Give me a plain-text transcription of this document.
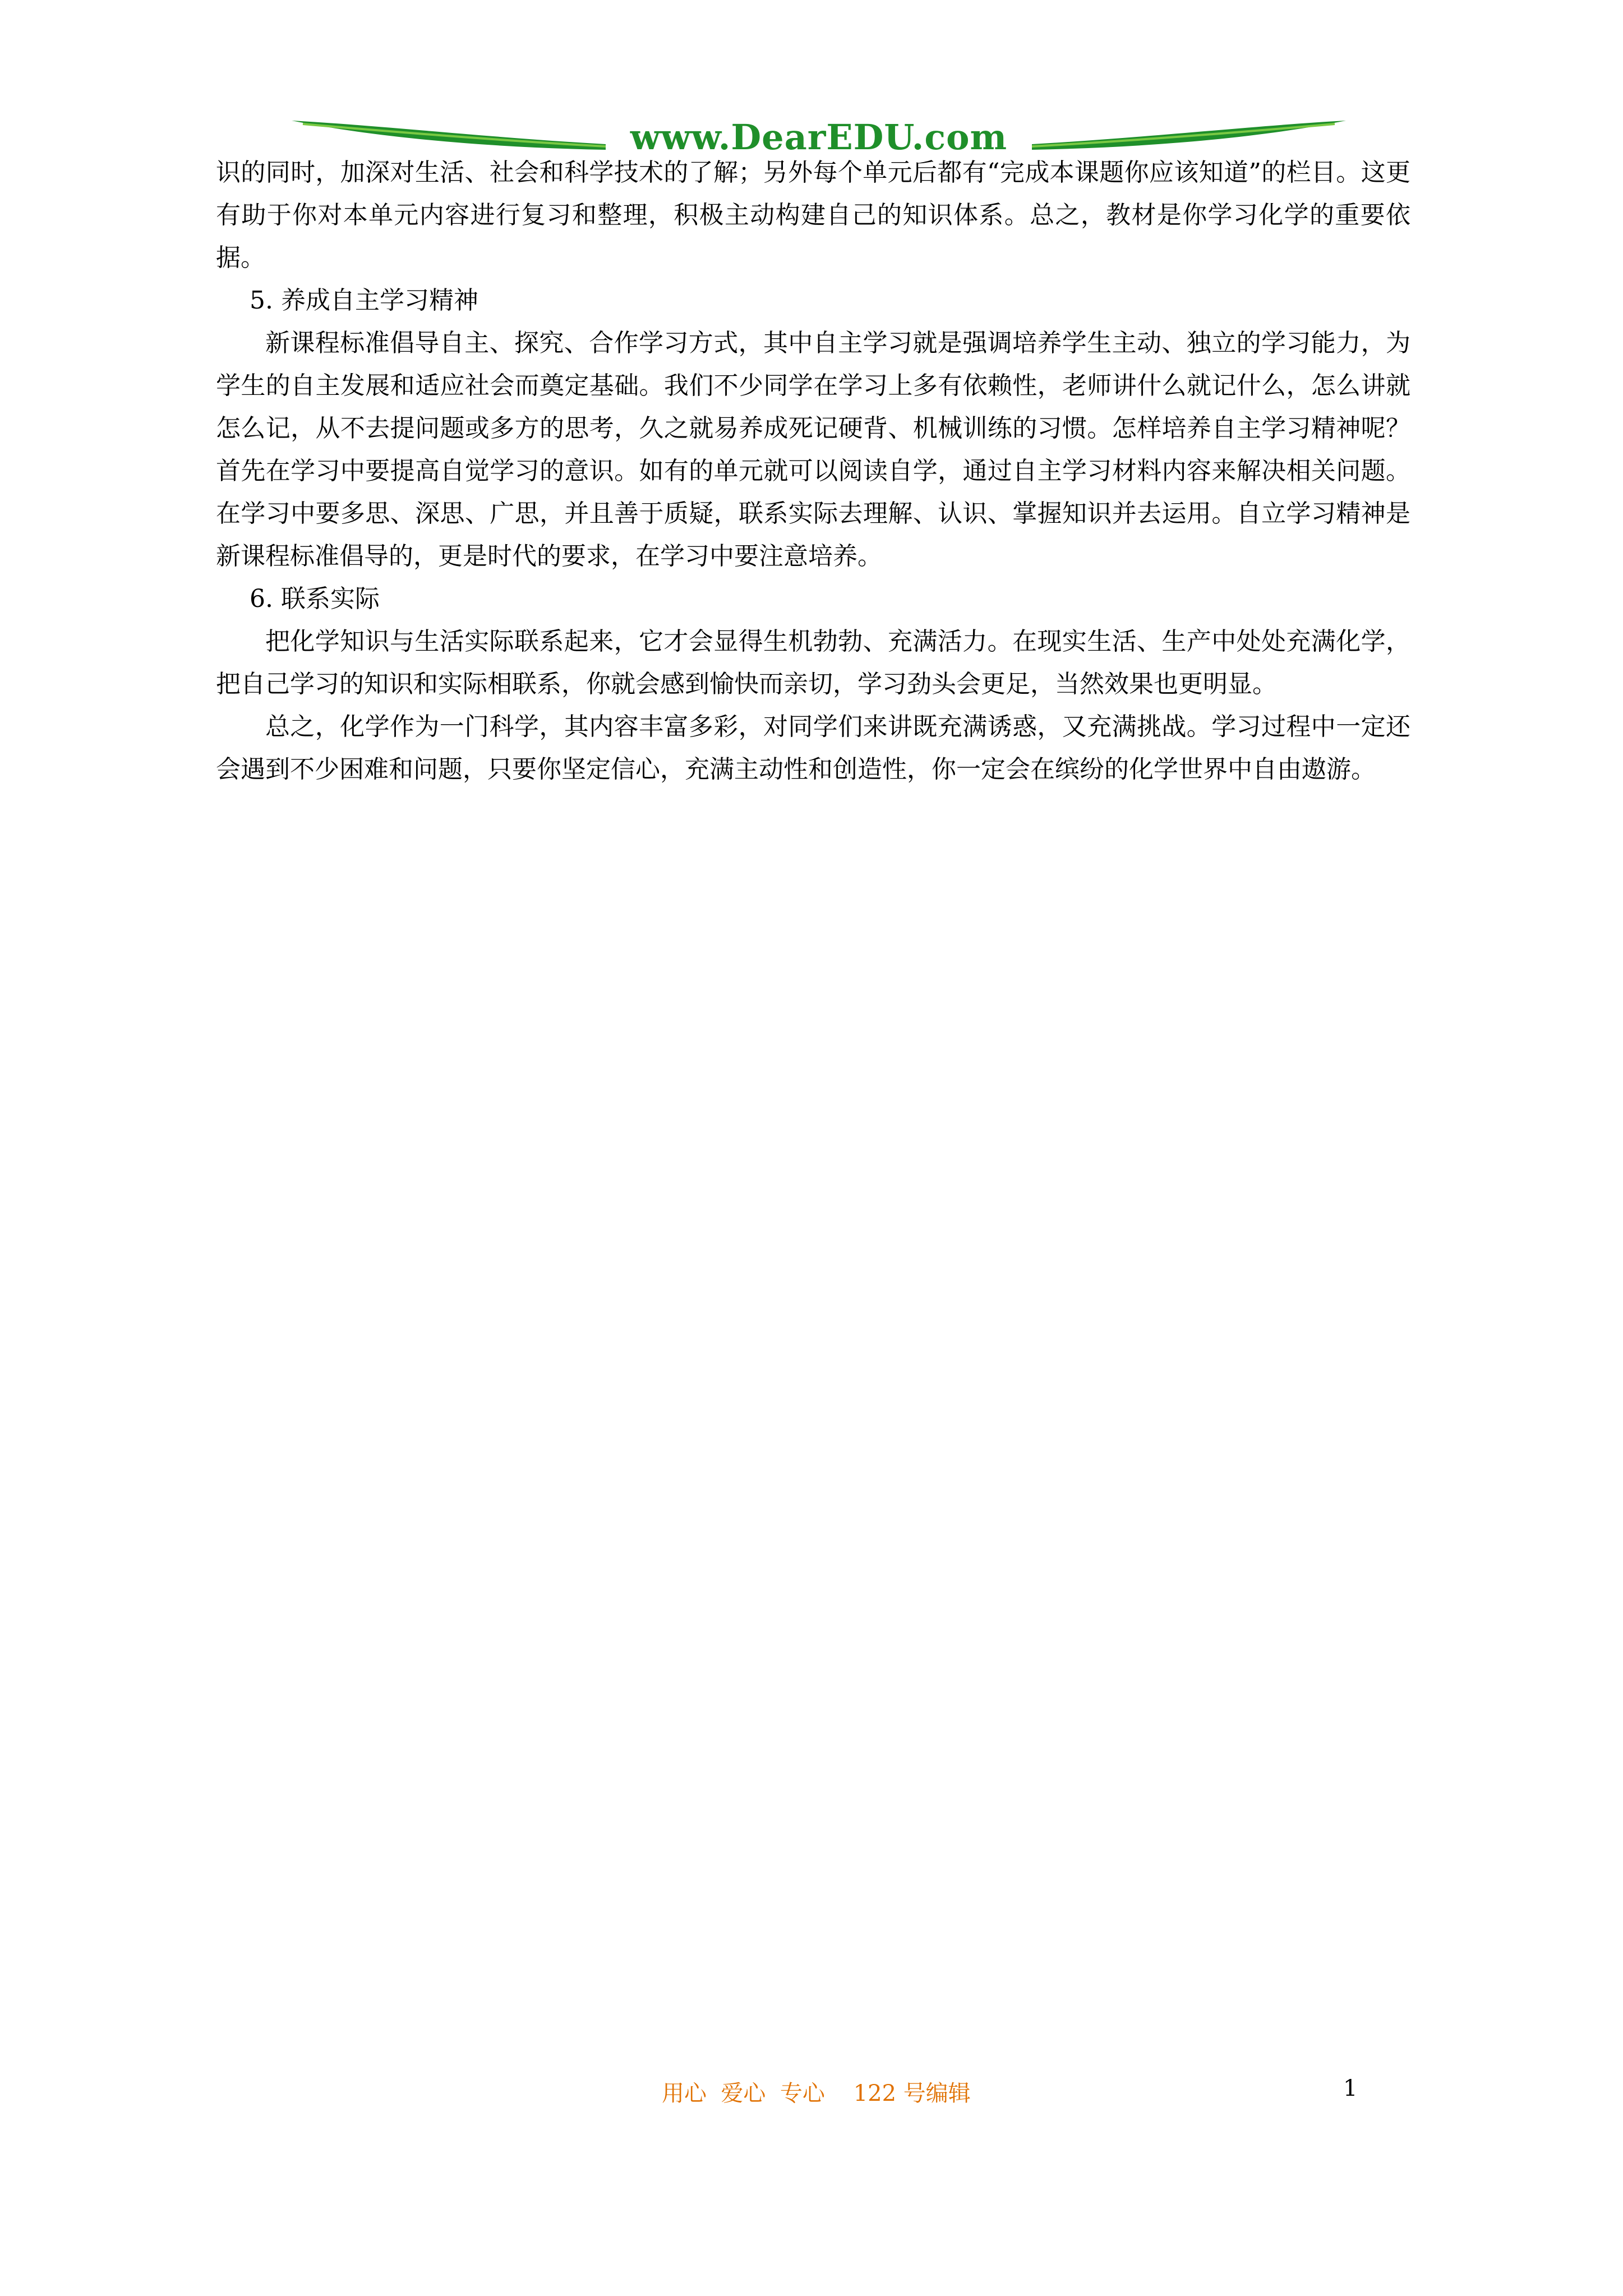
www.DearEDU.com

识的同时，加深对生活、社会和科学技术的了解；另外每个单元后都有“完成本课题你应该知道”的栏目。这更有助于你对本单元内容进行复习和整理，积极主动构建自己的知识体系。总之，教材是你学习化学的重要依据。

5. 养成自主学习精神

新课程标准倡导自主、探究、合作学习方式，其中自主学习就是强调培养学生主动、独立的学习能力，为学生的自主发展和适应社会而奠定基础。我们不少同学在学习上多有依赖性，老师讲什么就记什么，怎么讲就怎么记，从不去提问题或多方的思考，久之就易养成死记硬背、机械训练的习惯。怎样培养自主学习精神呢？首先在学习中要提高自觉学习的意识。如有的单元就可以阅读自学，通过自主学习材料内容来解决相关问题。在学习中要多思、深思、广思，并且善于质疑，联系实际去理解、认识、掌握知识并去运用。自立学习精神是新课程标准倡导的，更是时代的要求，在学习中要注意培养。

6. 联系实际

把化学知识与生活实际联系起来，它才会显得生机勃勃、充满活力。在现实生活、生产中处处充满化学，把自己学习的知识和实际相联系，你就会感到愉快而亲切，学习劲头会更足，当然效果也更明显。

总之，化学作为一门科学，其内容丰富多彩，对同学们来讲既充满诱惑，又充满挑战。学习过程中一定还会遇到不少困难和问题，只要你坚定信心，充满主动性和创造性，你一定会在缤纷的化学世界中自由遨游。

用心  爱心  专心    122 号编辑	1
